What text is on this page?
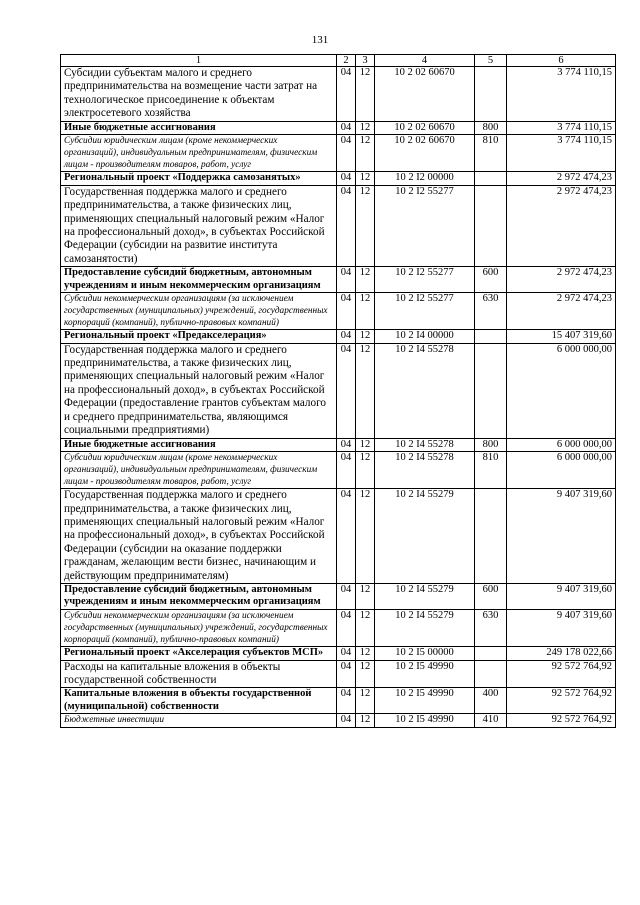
131
1	2	3	4	5	6
Субсидии субъектам малого и среднего предпринимательства на возмещение части затрат на технологическое присоединение к объектам электросетевого хозяйства	04	12	10 2 02 60670		3 774 110,15
Иные бюджетные ассигнования	04	12	10 2 02 60670	800	3 774 110,15
Субсидии юридическим лицам (кроме некоммерческих организаций), индивидуальным предпринимателям, физическим лицам - производителям товаров, работ, услуг	04	12	10 2 02 60670	810	3 774 110,15
Региональный проект «Поддержка самозанятых»	04	12	10 2 I2 00000		2 972 474,23
Государственная поддержка малого и среднего предпринимательства, а также физических лиц, применяющих специальный налоговый режим «Налог на профессиональный доход», в субъектах Российской Федерации (субсидии на развитие института самозанятости)	04	12	10 2 I2 55277		2 972 474,23
Предоставление субсидий бюджетным, автономным учреждениям и иным некоммерческим организациям	04	12	10 2 I2 55277	600	2 972 474,23
Субсидии некоммерческим организациям (за исключением государственных (муниципальных) учреждений, государственных корпораций (компаний), публично-правовых компаний)	04	12	10 2 I2 55277	630	2 972 474,23
Региональный проект «Предакселерация»	04	12	10 2 I4 00000		15 407 319,60
Государственная поддержка малого и среднего предпринимательства, а также физических лиц, применяющих специальный налоговый режим «Налог на профессиональный доход», в субъектах Российской Федерации (предоставление грантов субъектам малого и среднего предпринимательства, являющимся социальными предприятиями)	04	12	10 2 I4 55278		6 000 000,00
Иные бюджетные ассигнования	04	12	10 2 I4 55278	800	6 000 000,00
Субсидии юридическим лицам (кроме некоммерческих организаций), индивидуальным предпринимателям, физическим лицам - производителям товаров, работ, услуг	04	12	10 2 I4 55278	810	6 000 000,00
Государственная поддержка малого и среднего предпринимательства, а также физических лиц, применяющих специальный налоговый режим «Налог на профессиональный доход», в субъектах Российской Федерации (субсидии на оказание поддержки гражданам, желающим вести бизнес, начинающим и действующим предпринимателям)	04	12	10 2 I4 55279		9 407 319,60
Предоставление субсидий бюджетным, автономным учреждениям и иным некоммерческим организациям	04	12	10 2 I4 55279	600	9 407 319,60
Субсидии некоммерческим организациям (за исключением государственных (муниципальных) учреждений, государственных корпораций (компаний), публично-правовых компаний)	04	12	10 2 I4 55279	630	9 407 319,60
Региональный проект «Акселерация субъектов МСП»	04	12	10 2 I5 00000		249 178 022,66
Расходы на капитальные вложения в объекты государственной собственности	04	12	10 2 I5 49990		92 572 764,92
Капитальные вложения в объекты государственной (муниципальной) собственности	04	12	10 2 I5 49990	400	92 572 764,92
Бюджетные инвестиции	04	12	10 2 I5 49990	410	92 572 764,92
